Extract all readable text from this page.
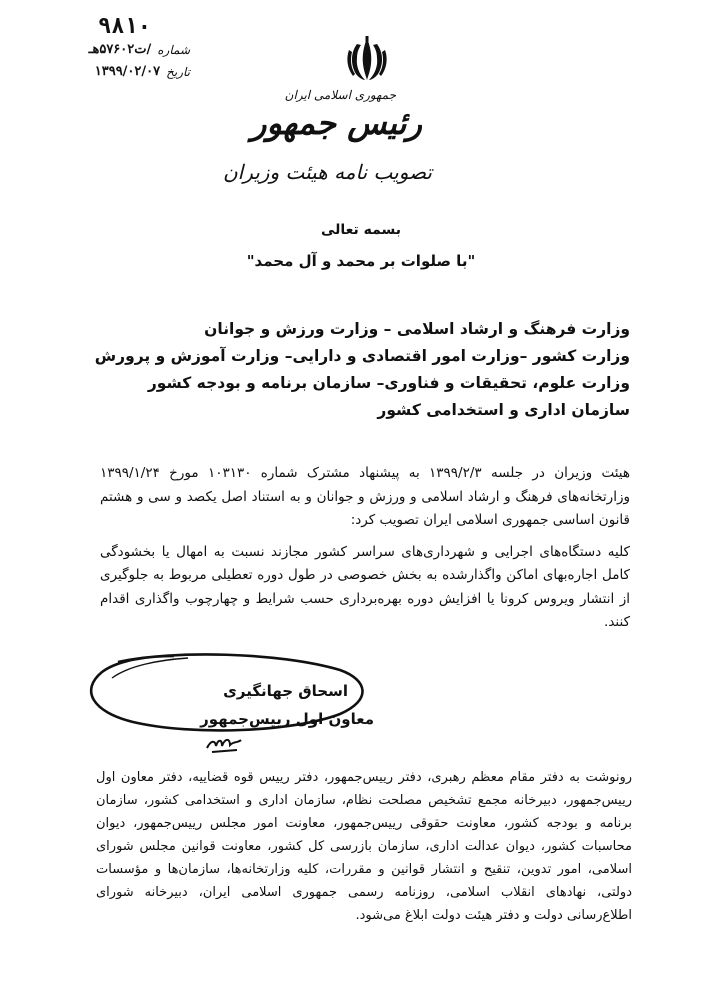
۹۸۱۰
شماره
/ت۵۷۶۰۲هـ
تاریخ
۱۳۹۹/۰۲/۰۷
جمهوری اسلامی ایران
رئیس جمهور
تصویب نامه هیئت وزیران
بسمه تعالی
"با صلوات بر محمد و آل محمد"
وزارت فرهنگ و ارشاد اسلامی – وزارت ورزش و جوانان
وزارت کشور –وزارت امور اقتصادی و دارایی– وزارت آموزش و پرورش
وزارت علوم، تحقیقات و فناوری– سازمان برنامه و بودجه کشور
سازمان اداری و استخدامی کشور

هیئت وزیران در جلسه ۱۳۹۹/۲/۳ به پیشنهاد مشترک شماره ۱۰۳۱۳۰ مورخ ۱۳۹۹/۱/۲۴ وزارتخانه‌های فرهنگ و ارشاد اسلامی و ورزش و جوانان و به استناد اصل یکصد و سی و هشتم قانون اساسی جمهوری اسلامی ایران تصویب کرد:

کلیه دستگاه‌های اجرایی و شهرداری‌های سراسر کشور مجازند نسبت به امهال یا بخشودگی کامل اجاره‌بهای اماکن واگذارشده به بخش خصوصی در طول دوره تعطیلی مربوط به جلوگیری از انتشار ویروس کرونا یا افزایش دوره بهره‌برداری حسب شرایط و چهارچوب واگذاری اقدام کنند.

اسحاق جهانگیری
معاون اول رییس‌جمهور

رونوشت به دفتر مقام معظم رهبری، دفتر رییس‌جمهور، دفتر رییس قوه قضاییه، دفتر معاون اول رییس‌جمهور، دبیرخانه مجمع تشخیص مصلحت نظام، سازمان اداری و استخدامی کشور، سازمان برنامه و بودجه کشور، معاونت حقوقی رییس‌جمهور، معاونت امور مجلس رییس‌جمهور، دیوان محاسبات کشور، دیوان عدالت اداری، سازمان بازرسی کل کشور، معاونت قوانین مجلس شورای اسلامی، امور تدوین، تنقیح و انتشار قوانین و مقررات، کلیه وزارتخانه‌ها، سازمان‌ها و مؤسسات دولتی، نهادهای انقلاب اسلامی، روزنامه رسمی جمهوری اسلامی ایران، دبیرخانه شورای اطلاع‌رسانی دولت و دفتر هیئت دولت ابلاغ می‌شود.
